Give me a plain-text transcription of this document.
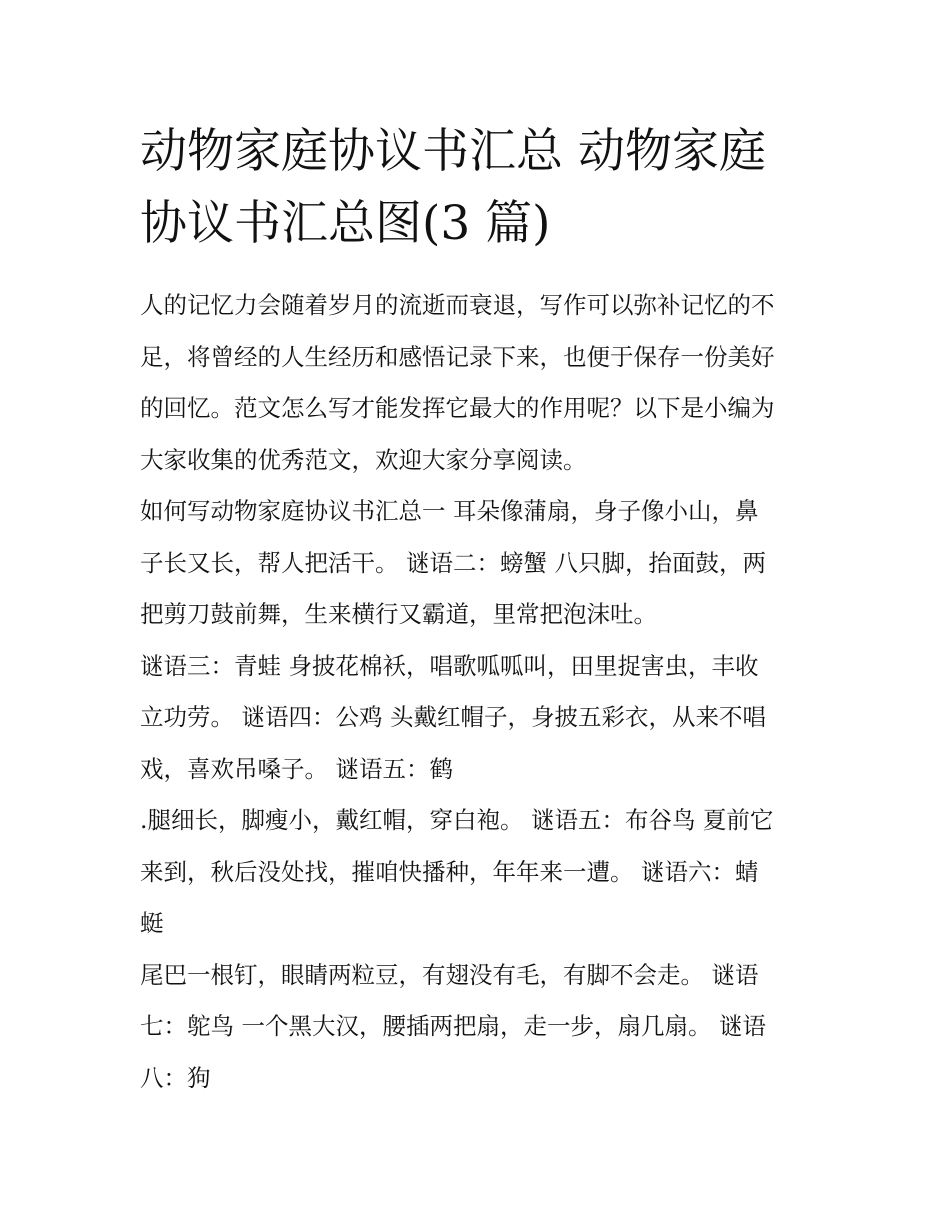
动物家庭协议书汇总 动物家庭
协议书汇总图(3 篇)
人的记忆力会随着岁月的流逝而衰退，写作可以弥补记忆的不
足，将曾经的人生经历和感悟记录下来，也便于保存一份美好
的回忆。范文怎么写才能发挥它最大的作用呢？以下是小编为
大家收集的优秀范文，欢迎大家分享阅读。
如何写动物家庭协议书汇总一 耳朵像蒲扇，身子像小山，鼻
子长又长，帮人把活干。 谜语二：螃蟹 八只脚，抬面鼓，两
把剪刀鼓前舞，生来横行又霸道，里常把泡沫吐。
谜语三：青蛙 身披花棉袄，唱歌呱呱叫，田里捉害虫，丰收
立功劳。 谜语四：公鸡 头戴红帽子，身披五彩衣，从来不唱
戏，喜欢吊嗓子。 谜语五：鹤
.腿细长，脚瘦小，戴红帽，穿白袍。 谜语五：布谷鸟 夏前它
来到，秋后没处找，摧咱快播种，年年来一遭。 谜语六：蜻
蜓
尾巴一根钉，眼睛两粒豆，有翅没有毛，有脚不会走。 谜语
七：鸵鸟 一个黑大汉，腰插两把扇，走一步，扇几扇。 谜语
八：狗
